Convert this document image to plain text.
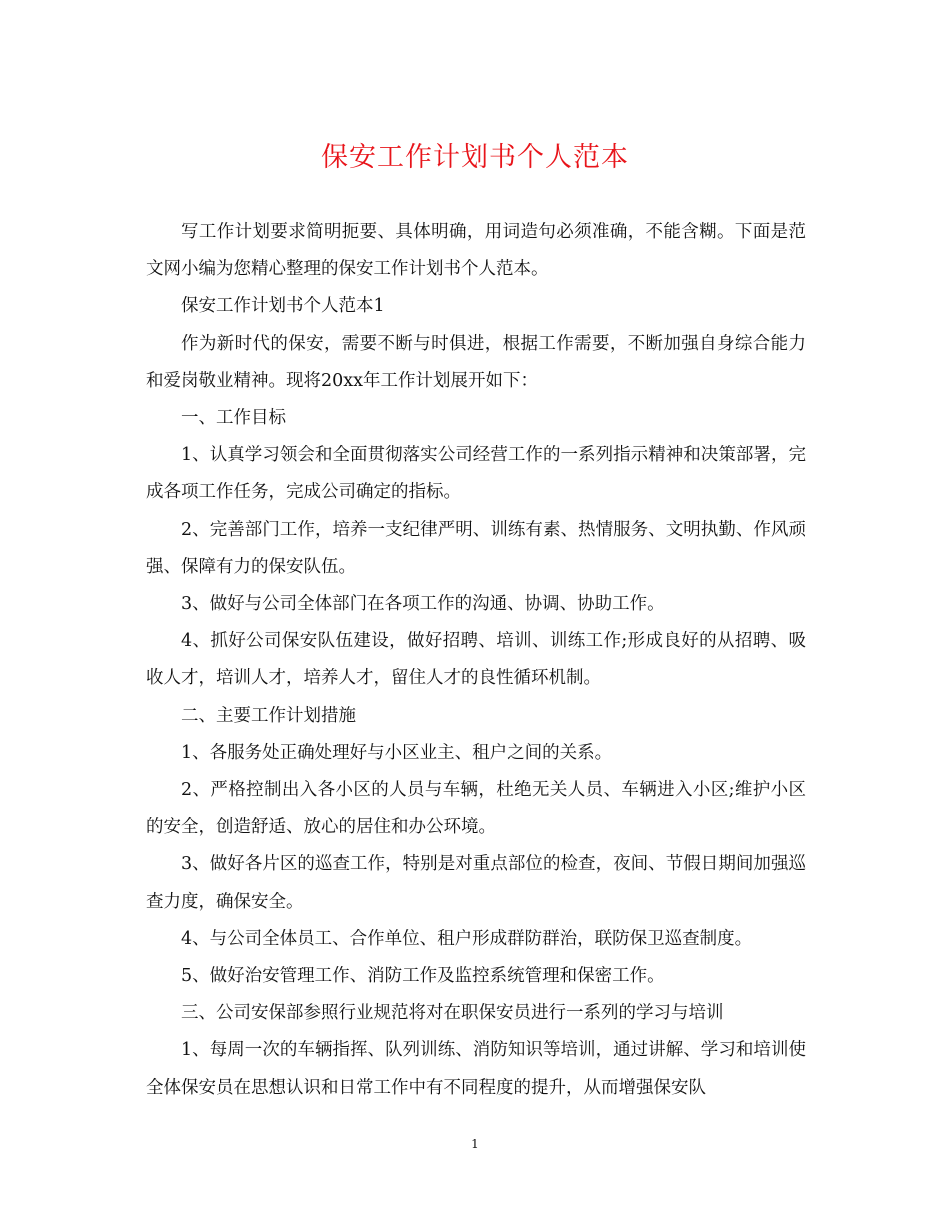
保安工作计划书个人范本

写工作计划要求简明扼要、具体明确，用词造句必须准确，不能含糊。下面是范文网小编为您精心整理的保安工作计划书个人范本。

保安工作计划书个人范本1

作为新时代的保安，需要不断与时俱进，根据工作需要，不断加强自身综合能力和爱岗敬业精神。现将20xx年工作计划展开如下：

一、工作目标

1、认真学习领会和全面贯彻落实公司经营工作的一系列指示精神和决策部署，完成各项工作任务，完成公司确定的指标。

2、完善部门工作，培养一支纪律严明、训练有素、热情服务、文明执勤、作风顽强、保障有力的保安队伍。

3、做好与公司全体部门在各项工作的沟通、协调、协助工作。

4、抓好公司保安队伍建设，做好招聘、培训、训练工作;形成良好的从招聘、吸收人才，培训人才，培养人才，留住人才的良性循环机制。

二、主要工作计划措施

1、各服务处正确处理好与小区业主、租户之间的关系。

2、严格控制出入各小区的人员与车辆，杜绝无关人员、车辆进入小区;维护小区的安全，创造舒适、放心的居住和办公环境。

3、做好各片区的巡查工作，特别是对重点部位的检查，夜间、节假日期间加强巡查力度，确保安全。

4、与公司全体员工、合作单位、租户形成群防群治，联防保卫巡查制度。

5、做好治安管理工作、消防工作及监控系统管理和保密工作。

三、公司安保部参照行业规范将对在职保安员进行一系列的学习与培训

1、每周一次的车辆指挥、队列训练、消防知识等培训，通过讲解、学习和培训使全体保安员在思想认识和日常工作中有不同程度的提升，从而增强保安队

1
